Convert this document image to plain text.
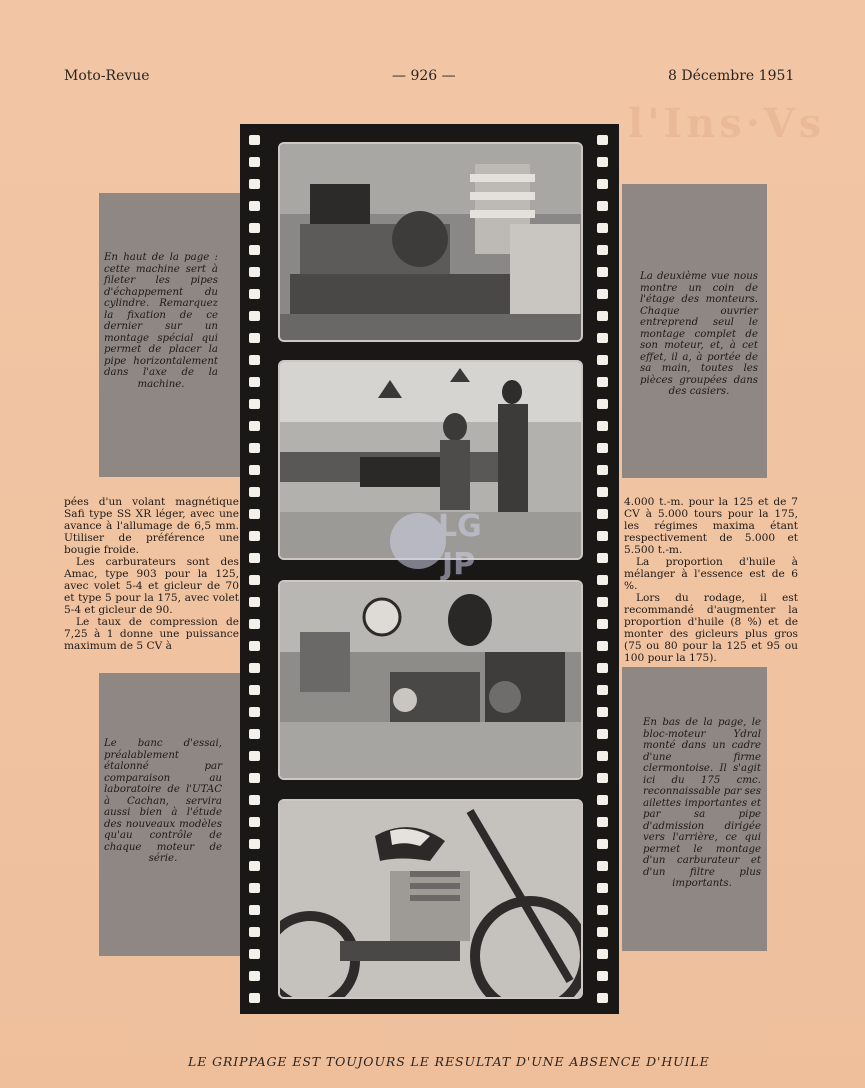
Moto-Revue	— 926 —	8 Décembre 1951
l'Ins·Vs

En haut de la page : cette machine sert à fileter les pipes d'échappement du cylindre. Remarquez la fixation de ce dernier sur un montage spécial qui permet de placer la pipe horizontalement dans l'axe de la machine.

La deuxième vue nous montre un coin de l'étage des monteurs. Chaque ouvrier entreprend seul le montage complet de son moteur, et, à cet effet, il a, à portée de sa main, toutes les pièces groupées dans des casiers.

Le banc d'essai, préalablement étalonné par comparaison au laboratoire de l'UTAC à Cachan, servira aussi bien à l'étude des nouveaux modèles qu'au contrôle de chaque moteur de série.

En bas de la page, le bloc-moteur Ydral monté dans un cadre d'une firme clermontoise. Il s'agit ici du 175 cmc. reconnaissable par ses ailettes importantes et par sa pipe d'admission dirigée vers l'arrière, ce qui permet le montage d'un carburateur et d'un filtre plus importants.

pées d'un volant magnétique Safi type SS XR léger, avec une avance à l'allumage de 6,5 mm. Utiliser de préférence une bougie froide.

Les carburateurs sont des Amac, type 903 pour la 125, avec volet 5-4 et gicleur de 70 et type 5 pour la 175, avec volet 5-4 et gicleur de 90.

Le taux de compression de 7,25 à 1 donne une puissance maximum de 5 CV à

4.000 t.-m. pour la 125 et de 7 CV à 5.000 tours pour la 175, les régimes maxima étant respectivement de 5.000 et 5.500 t.-m.

La proportion d'huile à mélanger à l'essence est de 6 %.

Lors du rodage, il est recommandé d'augmenter la proportion d'huile (8 %) et de monter des gicleurs plus gros (75 ou 80 pour la 125 et 95 ou 100 pour la 175).

LG
JP
LE GRIPPAGE EST TOUJOURS LE RESULTAT D'UNE ABSENCE D'HUILE
